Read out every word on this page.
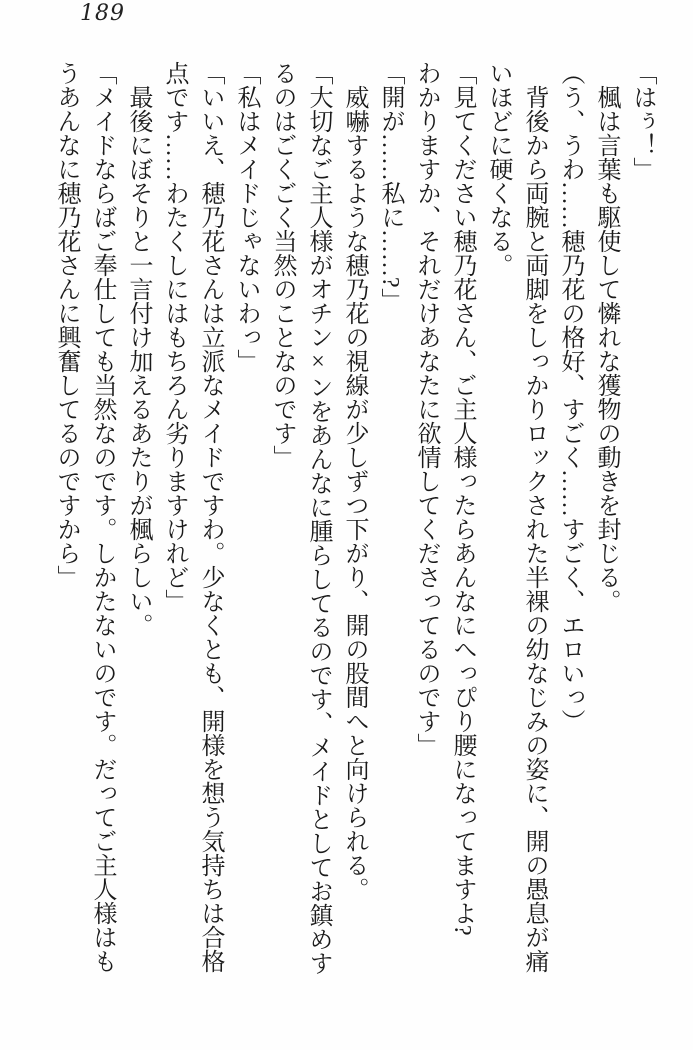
189
「はぅ！」
　楓は言葉も駆使して憐れな獲物の動きを封じる。
（う、うわ……穂乃花の格好、すごく……すごく、エロいっ）
　背後から両腕と両脚をしっかりロックされた半裸の幼なじみの姿に、開の愚息が痛
いほどに硬くなる。
「見てください穂乃花さん、ご主人様ったらあんなにへっぴり腰になってますよ?
わかりますか、それだけあなたに欲情してくださってるのです」
「開が……私に……?」
　威嚇するような穂乃花の視線が少しずつ下がり、開の股間へと向けられる。
「大切なご主人様がオチン×ンをあんなに腫らしてるのです、メイドとしてお鎮めす
るのはごくごく当然のことなのです」
「私はメイドじゃないわっ」
「いいえ、穂乃花さんは立派なメイドですわ。少なくとも、開様を想う気持ちは合格
点です……わたくしにはもちろん劣りますけれど」
　最後にぼそりと一言付け加えるあたりが楓らしい。
「メイドならばご奉仕しても当然なのです。しかたないのです。だってご主人様はも
うあんなに穂乃花さんに興奮してるのですから」
